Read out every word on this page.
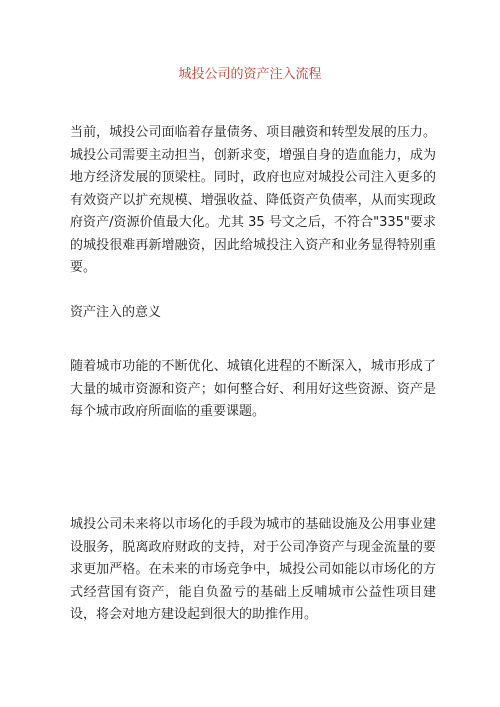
城投公司的资产注入流程

当前，城投公司面临着存量债务、项目融资和转型发展的压力。城投公司需要主动担当，创新求变，增强自身的造血能力，成为地方经济发展的顶梁柱。同时，政府也应对城投公司注入更多的有效资产以扩充规模、增强收益、降低资产负债率，从而实现政府资产/资源价值最大化。尤其 35 号文之后，不符合"335"要求的城投很难再新增融资，因此给城投注入资产和业务显得特别重要。

资产注入的意义

随着城市功能的不断优化、城镇化进程的不断深入，城市形成了大量的城市资源和资产；如何整合好、利用好这些资源、资产是每个城市政府所面临的重要课题。

城投公司未来将以市场化的手段为城市的基础设施及公用事业建设服务，脱离政府财政的支持，对于公司净资产与现金流量的要求更加严格。在未来的市场竞争中，城投公司如能以市场化的方式经营国有资产，能自负盈亏的基础上反哺城市公益性项目建设，将会对地方建设起到很大的助推作用。
